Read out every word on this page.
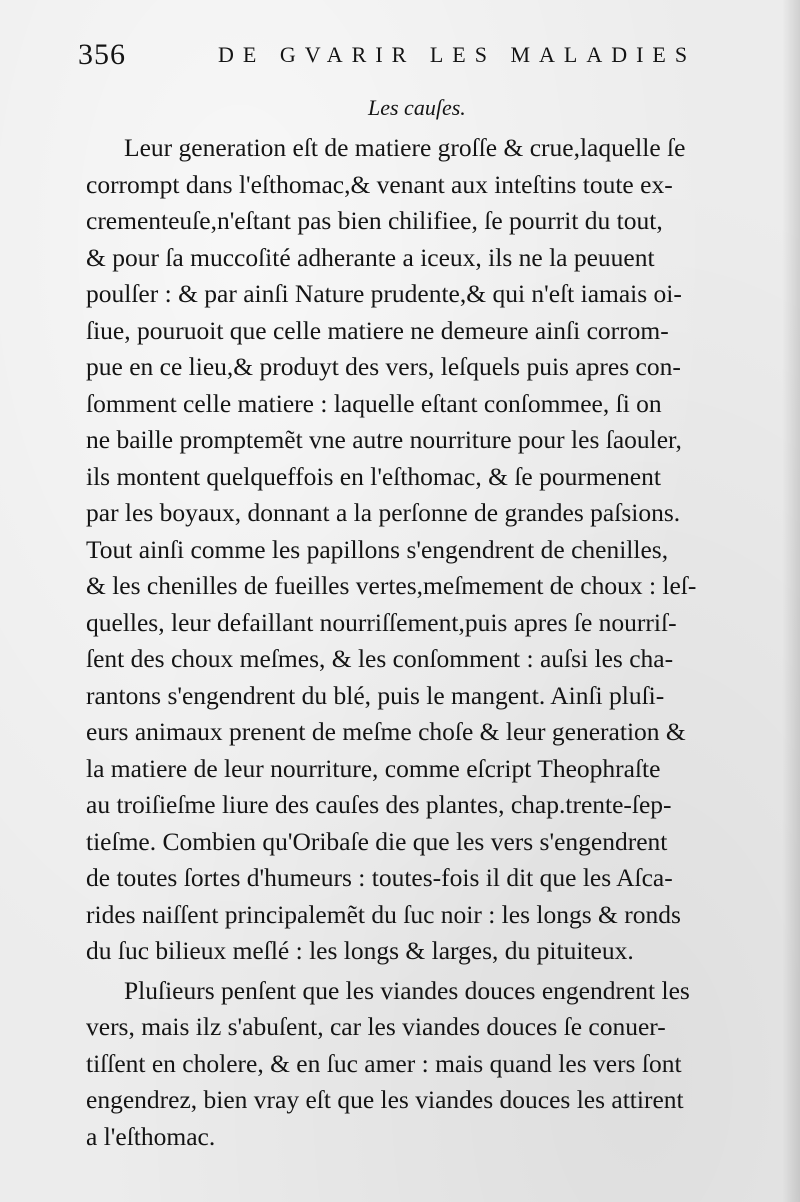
356	DE GVARIR LES MALADIES
Les cauſes.
Leur generation eſt de matiere groſſe & crue,laquelle ſe
corrompt dans l'eſthomac,& venant aux inteſtins toute ex-
crementeuſe,n'eſtant pas bien chilifiee, ſe pourrit du tout,
& pour ſa muccoſité adherante a iceux, ils ne la peuuent
poulſer : & par ainſi Nature prudente,& qui n'eſt iamais oi-
ſiue, pouruoit que celle matiere ne demeure ainſi corrom-
pue en ce lieu,& produyt des vers, leſquels puis apres con-
ſomment celle matiere : laquelle eſtant conſommee, ſi on
ne baille promptemẽt vne autre nourriture pour les ſaouler,
ils montent quelqueffois en l'eſthomac, & ſe pourmenent
par les boyaux, donnant a la perſonne de grandes paſsions.
Tout ainſi comme les papillons s'engendrent de chenilles,
& les chenilles de fueilles vertes,meſmement de choux : leſ-
quelles, leur defaillant nourriſſement,puis apres ſe nourriſ-
ſent des choux meſmes, & les conſomment : auſsi les cha-
rantons s'engendrent du blé, puis le mangent. Ainſi pluſi-
eurs animaux prenent de meſme choſe & leur generation &
la matiere de leur nourriture, comme eſcript Theophraſte
au troiſieſme liure des cauſes des plantes, chap.trente-ſep-
tieſme. Combien qu'Oribaſe die que les vers s'engendrent
de toutes ſortes d'humeurs : toutes-fois il dit que les Aſca-
rides naiſſent principalemẽt du ſuc noir : les longs & ronds
du ſuc bilieux meſlé : les longs & larges, du pituiteux.
Pluſieurs penſent que les viandes douces engendrent les
vers, mais ilz s'abuſent, car les viandes douces ſe conuer-
tiſſent en cholere, & en ſuc amer : mais quand les vers ſont
engendrez, bien vray eſt que les viandes douces les attirent
a l'eſthomac.
